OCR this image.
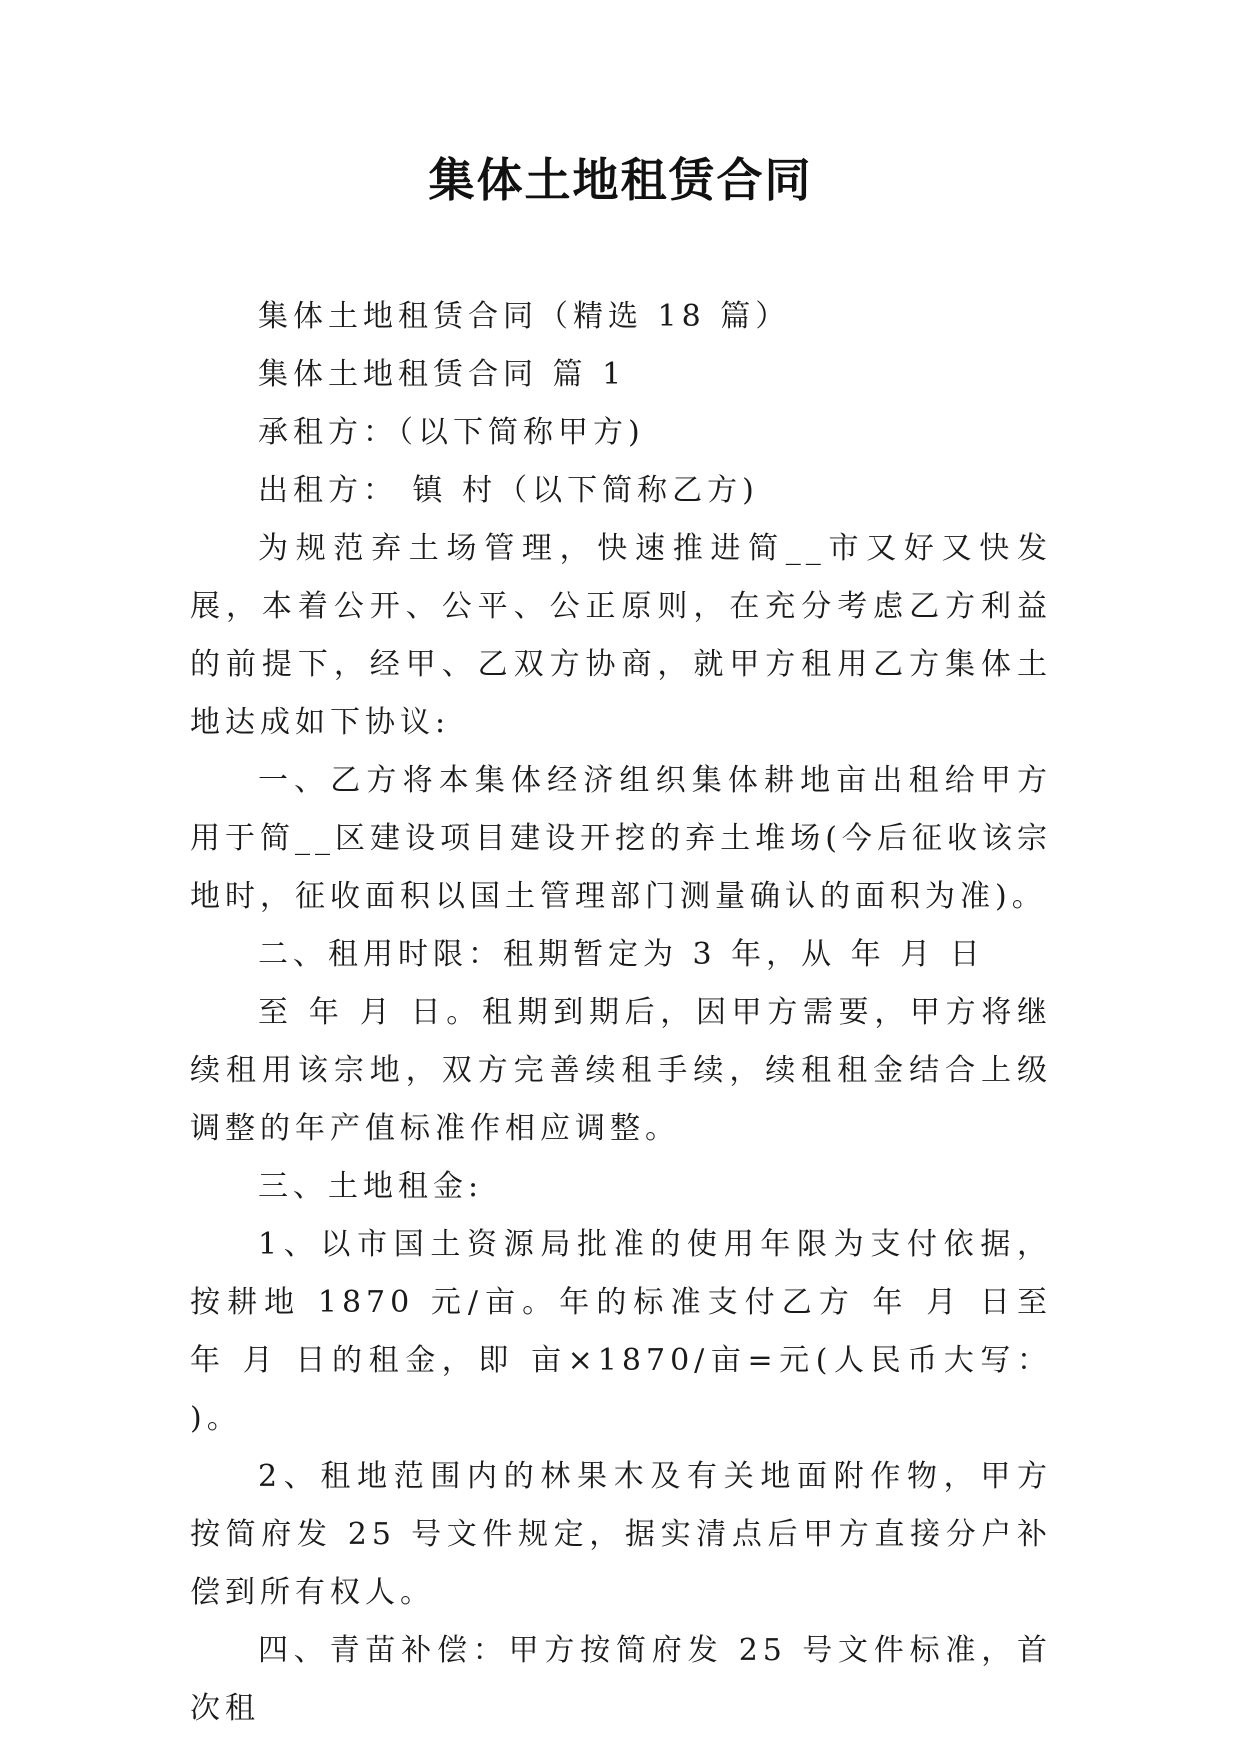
集体土地租赁合同

集体土地租赁合同（精选 18 篇）

集体土地租赁合同 篇 1

承租方：（以下简称甲方)

出租方： 镇 村（以下简称乙方)

为规范弃土场管理，快速推进简__市又好又快发展，本着公开、公平、公正原则，在充分考虑乙方利益的前提下，经甲、乙双方协商，就甲方租用乙方集体土地达成如下协议:

一、乙方将本集体经济组织集体耕地亩出租给甲方用于简__区建设项目建设开挖的弃土堆场(今后征收该宗地时，征收面积以国土管理部门测量确认的面积为准)。

二、租用时限：租期暂定为 3 年，从 年 月 日

至 年 月 日。租期到期后，因甲方需要，甲方将继续租用该宗地，双方完善续租手续，续租租金结合上级调整的年产值标准作相应调整。

三、土地租金:

1、以市国土资源局批准的使用年限为支付依据，按耕地 1870 元/亩。年的标准支付乙方 年 月 日至 年 月 日的租金，即 亩×1870/亩=元(人民币大写： )。

2、租地范围内的林果木及有关地面附作物，甲方按简府发 25 号文件规定，据实清点后甲方直接分户补偿到所有权人。

四、青苗补偿：甲方按简府发 25 号文件标准，首次租
